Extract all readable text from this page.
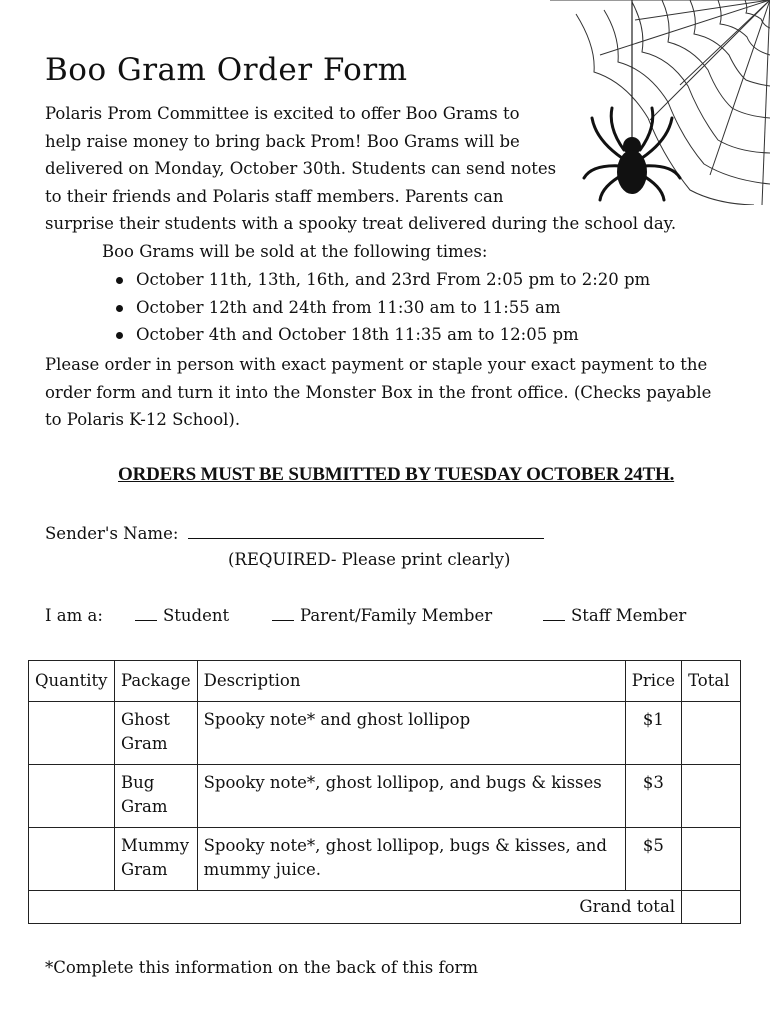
Boo Gram Order Form
Polaris Prom Committee is excited to offer Boo Grams to
help raise money to bring back Prom! Boo Grams will be
delivered on Monday, October 30th. Students can send notes
to their friends and Polaris staff members. Parents can
surprise their students with a spooky treat delivered during the school day.

Boo Grams will be sold at the following times:

October 11th, 13th, 16th, and 23rd From 2:05 pm to 2:20 pm
October 12th and 24th from 11:30 am to 11:55 am
October 4th and October 18th 11:35 am to 12:05 pm

Please order in person with exact payment or staple your exact payment to the order form and turn it into the Monster Box in the front office. (Checks payable to Polaris K-12 School).

ORDERS MUST BE SUBMITTED BY TUESDAY OCTOBER 24TH.

Sender's Name:
(REQUIRED- Please print clearly)
I am a:	Student	Parent/Family Member	Staff Member
Quantity	Package	Description	Price	Total
	Ghost Gram	Spooky note* and ghost lollipop	$1	
	Bug Gram	Spooky note*, ghost lollipop, and bugs & kisses	$3	
	Mummy Gram	Spooky note*, ghost lollipop, bugs & kisses, and mummy juice.	$5	
Grand total				
*Complete this information on the back of this form
